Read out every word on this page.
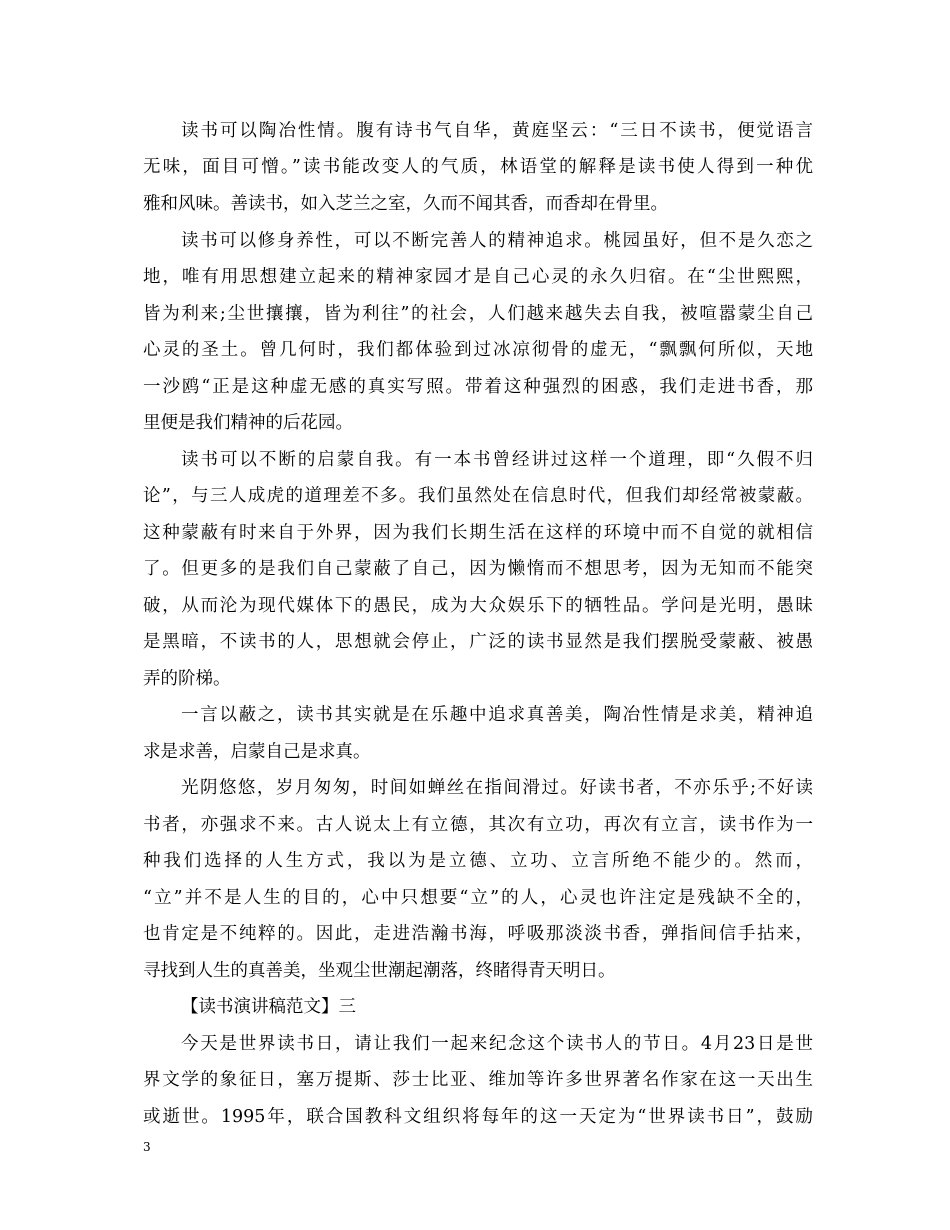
读书可以陶冶性情。腹有诗书气自华，黄庭坚云：“三日不读书，便觉语言
无味，面目可憎。”读书能改变人的气质，林语堂的解释是读书使人得到一种优
雅和风味。善读书，如入芝兰之室，久而不闻其香，而香却在骨里。
读书可以修身养性，可以不断完善人的精神追求。桃园虽好，但不是久恋之
地，唯有用思想建立起来的精神家园才是自己心灵的永久归宿。在“尘世熙熙，
皆为利来;尘世攘攘，皆为利往”的社会，人们越来越失去自我，被喧嚣蒙尘自己
心灵的圣土。曾几何时，我们都体验到过冰凉彻骨的虚无，“飘飘何所似，天地
一沙鸥“正是这种虚无感的真实写照。带着这种强烈的困惑，我们走进书香，那
里便是我们精神的后花园。
读书可以不断的启蒙自我。有一本书曾经讲过这样一个道理，即“久假不归
论”，与三人成虎的道理差不多。我们虽然处在信息时代，但我们却经常被蒙蔽。
这种蒙蔽有时来自于外界，因为我们长期生活在这样的环境中而不自觉的就相信
了。但更多的是我们自己蒙蔽了自己，因为懒惰而不想思考，因为无知而不能突
破，从而沦为现代媒体下的愚民，成为大众娱乐下的牺牲品。学问是光明，愚昧
是黑暗，不读书的人，思想就会停止，广泛的读书显然是我们摆脱受蒙蔽、被愚
弄的阶梯。
一言以蔽之，读书其实就是在乐趣中追求真善美，陶冶性情是求美，精神追
求是求善，启蒙自己是求真。
光阴悠悠，岁月匆匆，时间如蝉丝在指间滑过。好读书者，不亦乐乎;不好读
书者，亦强求不来。古人说太上有立德，其次有立功，再次有立言，读书作为一
种我们选择的人生方式，我以为是立德、立功、立言所绝不能少的。然而，
“立”并不是人生的目的，心中只想要“立”的人，心灵也许注定是残缺不全的，
也肯定是不纯粹的。因此，走进浩瀚书海，呼吸那淡淡书香，弹指间信手拈来，
寻找到人生的真善美，坐观尘世潮起潮落，终睹得青天明日。
【读书演讲稿范文】三
今天是世界读书日，请让我们一起来纪念这个读书人的节日。4月23日是世
界文学的象征日，塞万提斯、莎士比亚、维加等许多世界著名作家在这一天出生
或逝世。1995年，联合国教科文组织将每年的这一天定为“世界读书日”，鼓励
3
